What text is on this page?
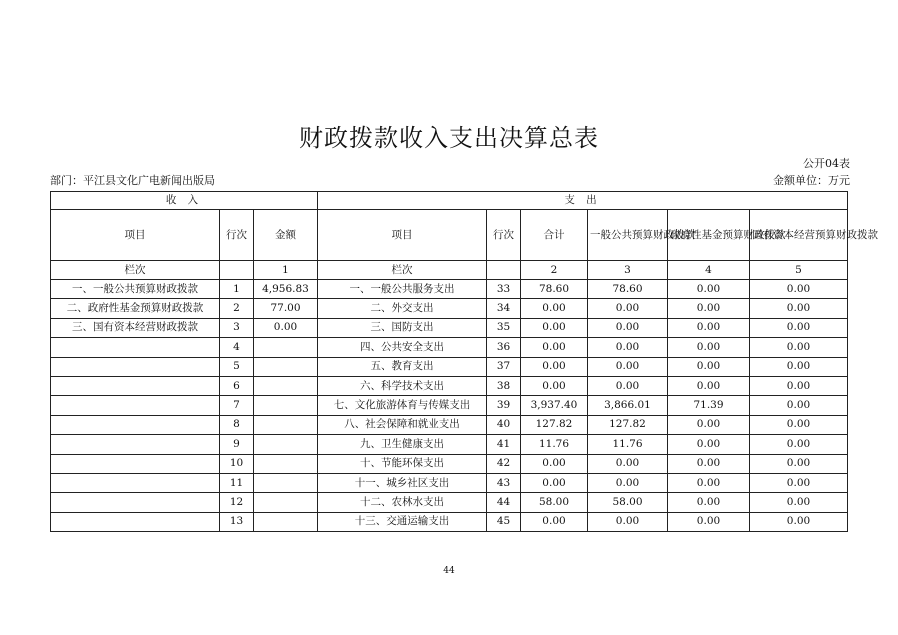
财政拨款收入支出决算总表
公开04表
部门：平江县文化广电新闻出版局	金额单位：万元
收 入			支 出					
项目	行次	金额	项目	行次	合计	一般公共预算财政拨款	政府性基金预算财政拨款	国有资本经营预算财政拨款
栏次		1	栏次		2	3	4	5
一、一般公共预算财政拨款	1	4,956.83	一、一般公共服务支出	33	78.60	78.60	0.00	0.00
二、政府性基金预算财政拨款	2	77.00	二、外交支出	34	0.00	0.00	0.00	0.00
三、国有资本经营财政拨款	3	0.00	三、国防支出	35	0.00	0.00	0.00	0.00
	4		四、公共安全支出	36	0.00	0.00	0.00	0.00
	5		五、教育支出	37	0.00	0.00	0.00	0.00
	6		六、科学技术支出	38	0.00	0.00	0.00	0.00
	7		七、文化旅游体育与传媒支出	39	3,937.40	3,866.01	71.39	0.00
	8		八、社会保障和就业支出	40	127.82	127.82	0.00	0.00
	9		九、卫生健康支出	41	11.76	11.76	0.00	0.00
	10		十、节能环保支出	42	0.00	0.00	0.00	0.00
	11		十一、城乡社区支出	43	0.00	0.00	0.00	0.00
	12		十二、农林水支出	44	58.00	58.00	0.00	0.00
	13		十三、交通运输支出	45	0.00	0.00	0.00	0.00
44
